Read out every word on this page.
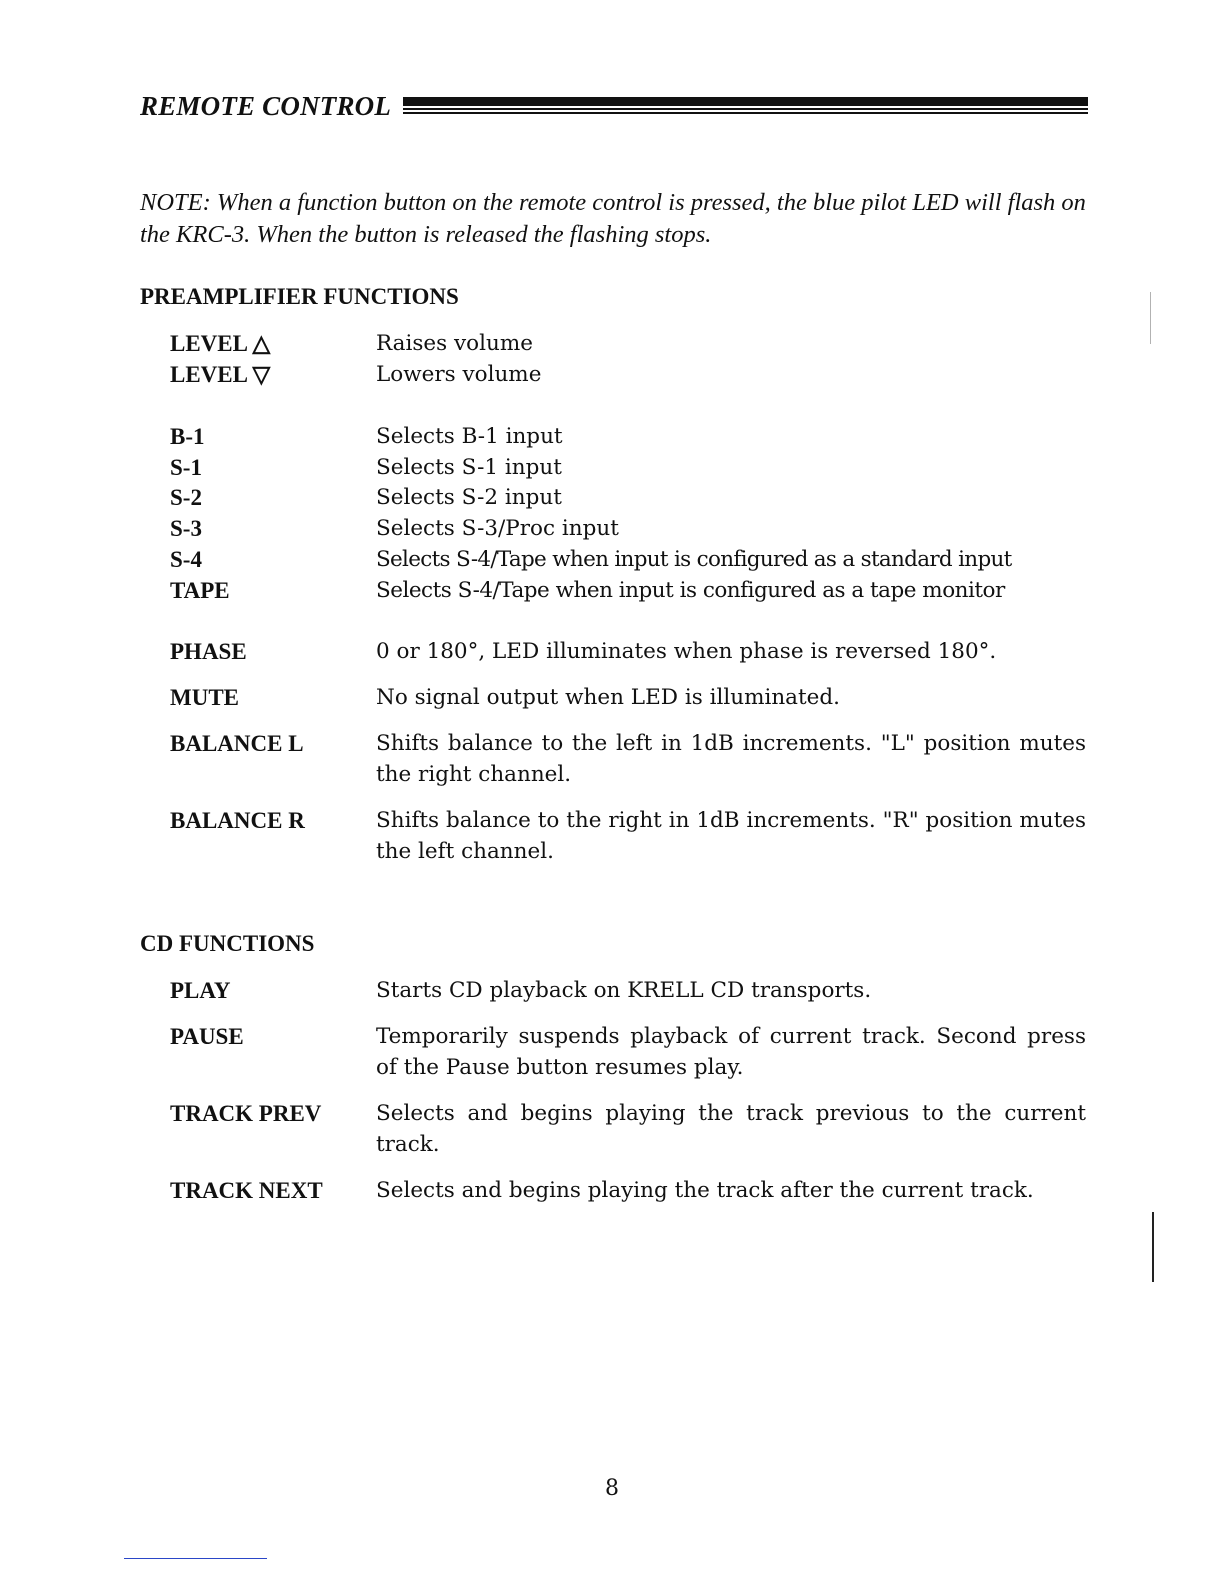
REMOTE CONTROL
NOTE: When a function button on the remote control is pressed, the blue pilot LED will flash on the KRC-3. When the button is released the flashing stops.
PREAMPLIFIER FUNCTIONS
LEVEL △	Raises volume
LEVEL ▽	Lowers volume
B-1	Selects B-1 input
S-1	Selects S-1 input
S-2	Selects S-2 input
S-3	Selects S-3/Proc input
S-4	Selects S-4/Tape when input is configured as a standard input
TAPE	Selects S-4/Tape when input is configured as a tape monitor
PHASE	0 or 180°, LED illuminates when phase is reversed 180°.
MUTE	No signal output when LED is illuminated.
BALANCE L	Shifts balance to the left in 1dB increments. "L" position mutes the right channel.
BALANCE R	Shifts balance to the right in 1dB increments. "R" position mutes the left channel.
CD FUNCTIONS
PLAY	Starts CD playback on KRELL CD transports.
PAUSE	Temporarily suspends playback of current track. Second press of the Pause button resumes play.
TRACK PREV	Selects and begins playing the track previous to the current track.
TRACK NEXT	Selects and begins playing the track after the current track.
8
